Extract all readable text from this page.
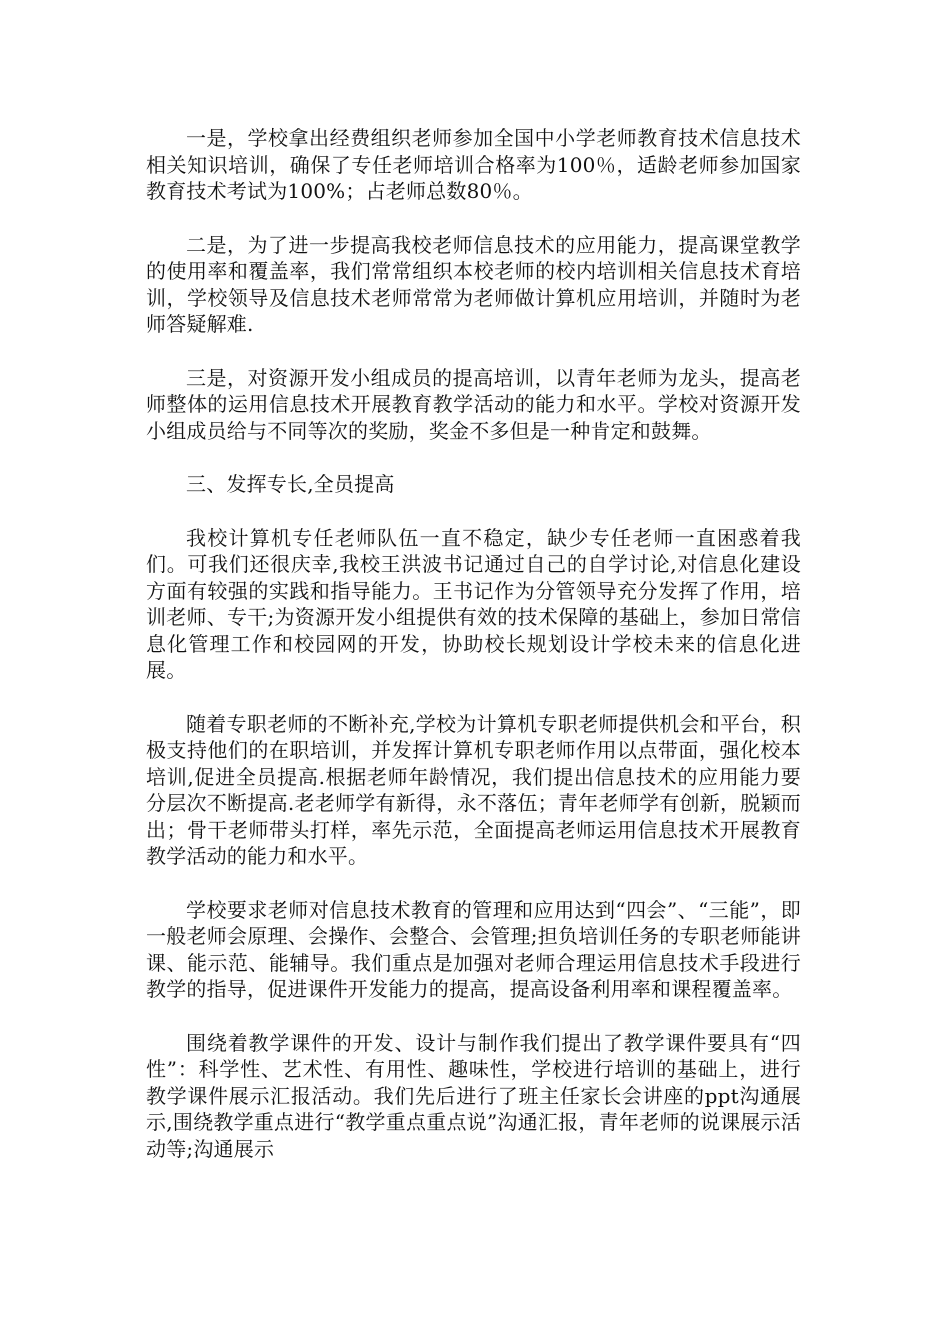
一是，学校拿出经费组织老师参加全国中小学老师教育技术信息技术相关知识培训，确保了专任老师培训合格率为100％，适龄老师参加国家教育技术考试为100%；占老师总数80％。

二是，为了进一步提高我校老师信息技术的应用能力，提高课堂教学的使用率和覆盖率，我们常常组织本校老师的校内培训相关信息技术育培训，学校领导及信息技术老师常常为老师做计算机应用培训，并随时为老师答疑解难.

三是，对资源开发小组成员的提高培训，以青年老师为龙头，提高老师整体的运用信息技术开展教育教学活动的能力和水平。学校对资源开发小组成员给与不同等次的奖励，奖金不多但是一种肯定和鼓舞。

三、发挥专长,全员提高

我校计算机专任老师队伍一直不稳定，缺少专任老师一直困惑着我们。可我们还很庆幸,我校王洪波书记通过自己的自学讨论,对信息化建设方面有较强的实践和指导能力。王书记作为分管领导充分发挥了作用，培训老师、专干;为资源开发小组提供有效的技术保障的基础上，参加日常信息化管理工作和校园网的开发，协助校长规划设计学校未来的信息化进展。

随着专职老师的不断补充,学校为计算机专职老师提供机会和平台，积极支持他们的在职培训，并发挥计算机专职老师作用以点带面，强化校本培训,促进全员提高.根据老师年龄情况，我们提出信息技术的应用能力要分层次不断提高.老老师学有新得，永不落伍；青年老师学有创新，脱颖而出；骨干老师带头打样，率先示范，全面提高老师运用信息技术开展教育教学活动的能力和水平。

学校要求老师对信息技术教育的管理和应用达到“四会”、“三能”，即一般老师会原理、会操作、会整合、会管理;担负培训任务的专职老师能讲课、能示范、能辅导。我们重点是加强对老师合理运用信息技术手段进行教学的指导，促进课件开发能力的提高，提高设备利用率和课程覆盖率。

围绕着教学课件的开发、设计与制作我们提出了教学课件要具有“四性”：科学性、艺术性、有用性、趣味性，学校进行培训的基础上，进行教学课件展示汇报活动。我们先后进行了班主任家长会讲座的ppt沟通展示,围绕教学重点进行“教学重点重点说”沟通汇报，青年老师的说课展示活动等;沟通展示
